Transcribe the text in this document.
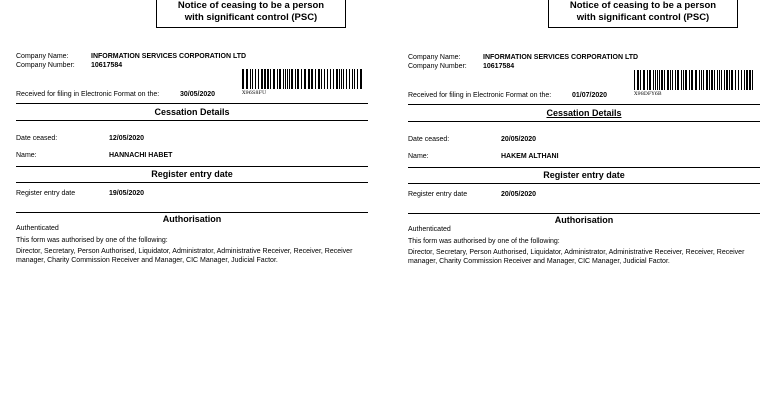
Notice of ceasing to be a person
with significant control (PSC)
Company Name:	INFORMATION SERVICES CORPORATION LTD
Company Number: 10617584
X96S8FU
Received for filing in Electronic Format on the:	30/05/2020
Cessation Details
Date ceased:	12/05/2020
Name:	HANNACHI HABET
Register entry date
Register entry date	19/05/2020
Authorisation
Authenticated
This form was authorised by one of the following:
Director, Secretary, Person Authorised, Liquidator, Administrator, Administrative Receiver, Receiver, Receiver manager, Charity Commission Receiver and Manager, CIC Manager, Judicial Factor.
Notice of ceasing to be a person
with significant control (PSC)
Company Name:	INFORMATION SERVICES CORPORATION LTD
Company Number: 10617584
X98DFY6B
Received for filing in Electronic Format on the:	01/07/2020
Cessation Details
Date ceased:	20/05/2020
Name:	HAKEM ALTHANI
Register entry date
Register entry date	20/05/2020
Authorisation
Authenticated
This form was authorised by one of the following:
Director, Secretary, Person Authorised, Liquidator, Administrator, Administrative Receiver, Receiver, Receiver manager, Charity Commission Receiver and Manager, CIC Manager, Judicial Factor.
